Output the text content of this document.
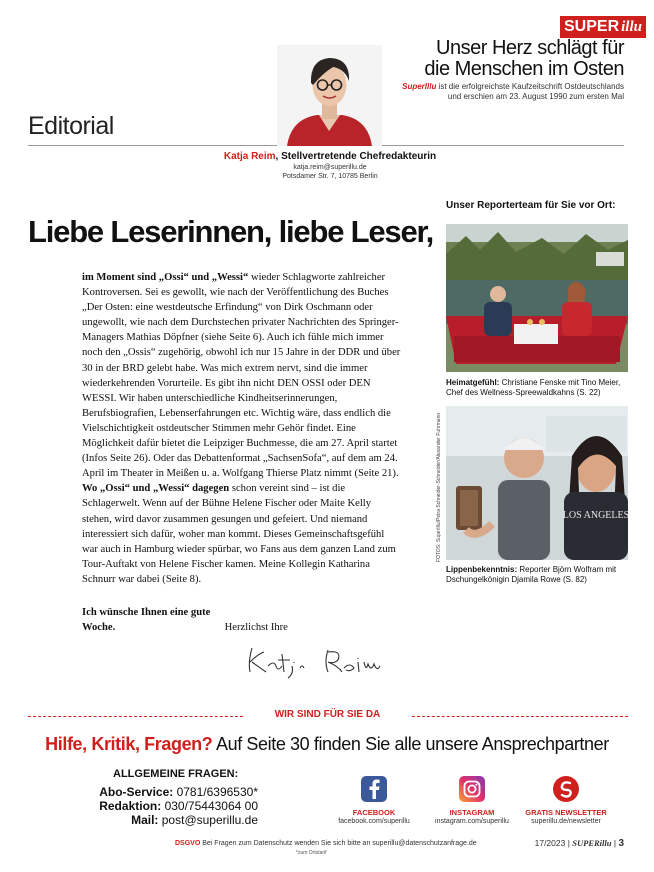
SUPER illu
Unser Herz schlägt für
die Menschen im Osten
SuperIllu ist die erfolgreichste Kaufzeitschrift Ostdeutschlands
und erschien am 23. August 1990 zum ersten Mal
Editorial
Katja Reim, Stellvertretende Chefredakteurin
katja.reim@superillu.de
Potsdamer Str. 7, 10785 Berlin
Liebe Leserinnen, liebe Leser,

im Moment sind „Ossi“ und „Wessi“ wieder Schlagworte zahlreicher Kontroversen. Sei es gewollt, wie nach der Veröffentlichung des Buches „Der Osten: eine westdeutsche Erfindung“ von Dirk Oschmann oder ungewollt, wie nach dem Durchstechen privater Nachrichten des Springer-Managers Mathias Döpfner (siehe Seite 6). Auch ich fühle mich immer noch den „Ossis“ zugehörig, obwohl ich nur 15 Jahre in der DDR und über 30 in der BRD gelebt habe. Was mich extrem nervt, sind die immer wiederkehrenden Vorurteile. Es gibt ihn nicht DEN OSSI oder DEN WESSI. Wir haben unterschiedliche Kindheitserinnerungen, Berufsbiografien, Lebenserfahrungen etc. Wichtig wäre, dass endlich die Vielschichtigkeit ostdeutscher Stimmen mehr Gehör findet. Eine Möglichkeit dafür bietet die Leipziger Buchmesse, die am 27. April startet (Infos Seite 26). Oder das Debattenformat „SachsenSofa“, auf dem am 24. April im Theater in Meißen u. a. Wolfgang Thierse Platz nimmt (Seite 21).

Wo „Ossi“ und „Wessi“ dagegen schon vereint sind – ist die Schlagerwelt. Wenn auf der Bühne Helene Fischer oder Maite Kelly stehen, wird davor zusammen gesungen und gefeiert. Und niemand interessiert sich dafür, woher man kommt. Dieses Gemeinschaftsgefühl war auch in Hamburg wieder spürbar, wo Fans aus dem ganzen Land zum Tour-Auftakt von Helene Fischer kamen. Meine Kollegin Katharina Schnurr war dabei (Seite 8).

Ich wünsche Ihnen eine gute Woche.	Herzlichst Ihre
Unser Reporterteam für Sie vor Ort:
Heimatgefühl: Christiane Fenske mit Tino Meier, Chef des Wellness-Spreewaldkahns (S. 22)
FOTOS: SuperIllu/Petra Schneider-Schneider/Alexander Fuhrmann	LOS ANGELES
Lippenbekenntnis: Reporter Björn Wolfram mit Dschungelkönigin Djamila Rowe (S. 82)
WIR SIND FÜR SIE DA
Hilfe, Kritik, Fragen? Auf Seite 30 finden Sie alle unsere Ansprechpartner
ALLGEMEINE FRAGEN:
Abo-Service: 0781/6396530*
Redaktion: 030/75443064 00
Mail: post@superillu.de
FACEBOOK
facebook.com/superillu
INSTAGRAM
instagram.com/superillu
GRATIS NEWSLETTER
superillu.de/newsletter
DSGVO Bei Fragen zum Datenschutz wenden Sie sich bitte an superillu@datenschutzanfrage.de
*zum Ortstarif
17/2023 | SUPERillu | 3
